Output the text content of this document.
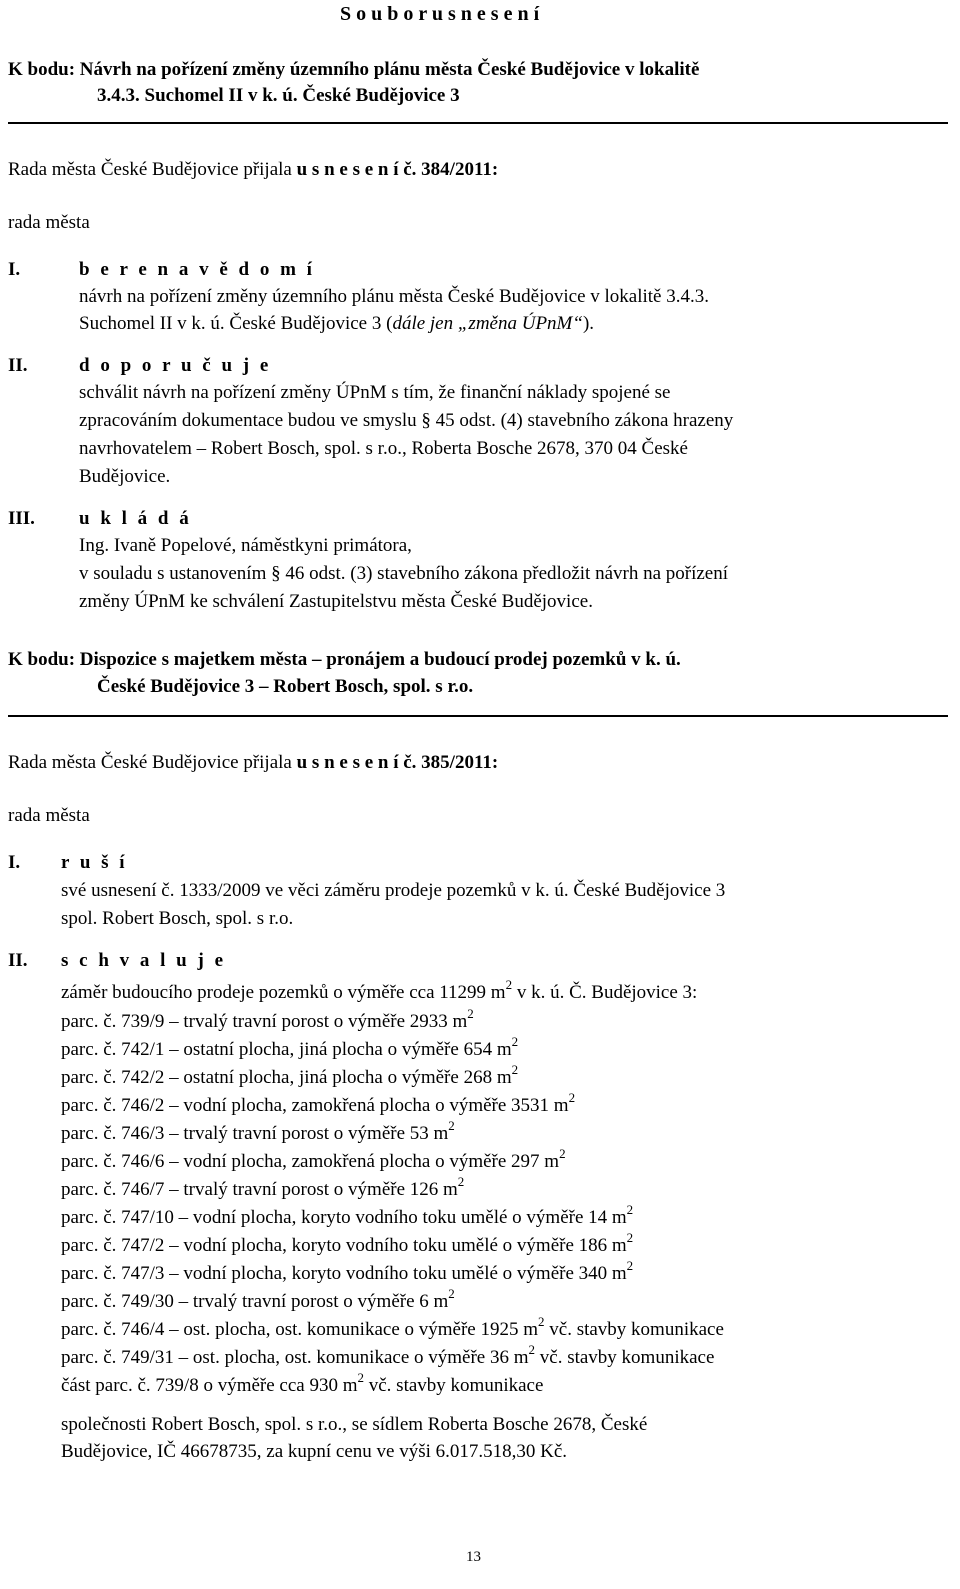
S o u b o r u s n e s e n í
K bodu: Návrh na pořízení změny územního plánu města České Budějovice v lokalitě
3.4.3. Suchomel II v k. ú. České Budějovice 3
Rada města České Budějovice přijala u s n e s e n í č. 384/2011:
rada města
I.	b e r e n a v ě d o m í
návrh na pořízení změny územního plánu města České Budějovice v lokalitě 3.4.3.
Suchomel II v k. ú. České Budějovice 3 (dále jen „změna ÚPnM“).
II.	d o p o r u č u j e
schválit návrh na pořízení změny ÚPnM s tím, že finanční náklady spojené se
zpracováním dokumentace budou ve smyslu § 45 odst. (4) stavebního zákona hrazeny
navrhovatelem – Robert Bosch, spol. s r.o., Roberta Bosche 2678, 370 04 České
Budějovice.
III. u k l á d á
Ing. Ivaně Popelové, náměstkyni primátora,
v souladu s ustanovením § 46 odst. (3) stavebního zákona předložit návrh na pořízení
změny ÚPnM ke schválení Zastupitelstvu města České Budějovice.
K bodu: Dispozice s majetkem města – pronájem a budoucí prodej pozemků v k. ú.
České Budějovice 3 – Robert Bosch, spol. s r.o.
Rada města České Budějovice přijala u s n e s e n í č. 385/2011:
rada města
I. r u š í
své usnesení č. 1333/2009 ve věci záměru prodeje pozemků v k. ú. České Budějovice 3
spol. Robert Bosch, spol. s r.o.
II. s c h v a l u j e
záměr budoucího prodeje pozemků o výměře cca 11299 $m^2$ v k. ú. Č. Budějovice 3:
parc. č. 739/9 – trvalý travní porost o výměře 2933 $m^2$
parc. č. 742/1 – ostatní plocha, jiná plocha o výměře 654 $m^2$
parc. č. 742/2 – ostatní plocha, jiná plocha o výměře 268 $m^2$
parc. č. 746/2 – vodní plocha, zamokřená plocha o výměře 3531 $m^2$
parc. č. 746/3 – trvalý travní porost o výměře 53 $m^2$
parc. č. 746/6 – vodní plocha, zamokřená plocha o výměře 297 $m^2$
parc. č. 746/7 – trvalý travní porost o výměře 126 $m^2$
parc. č. 747/10 – vodní plocha, koryto vodního toku umělé o výměře 14 $m^2$
parc. č. 747/2 – vodní plocha, koryto vodního toku umělé o výměře 186 $m^2$
parc. č. 747/3 – vodní plocha, koryto vodního toku umělé o výměře 340 $m^2$
parc. č. 749/30 – trvalý travní porost o výměře 6 $m^2$
parc. č. 746/4 – ost. plocha, ost. komunikace o výměře 1925 $m^2$ vč. stavby komunikace
parc. č. 749/31 – ost. plocha, ost. komunikace o výměře 36 $m^2$ vč. stavby komunikace
část parc. č. 739/8 o výměře cca 930 $m^2$ vč. stavby komunikace
společnosti Robert Bosch, spol. s r.o., se sídlem Roberta Bosche 2678, České
Budějovice, IČ 46678735, za kupní cenu ve výši 6.017.518,30 Kč.
13
